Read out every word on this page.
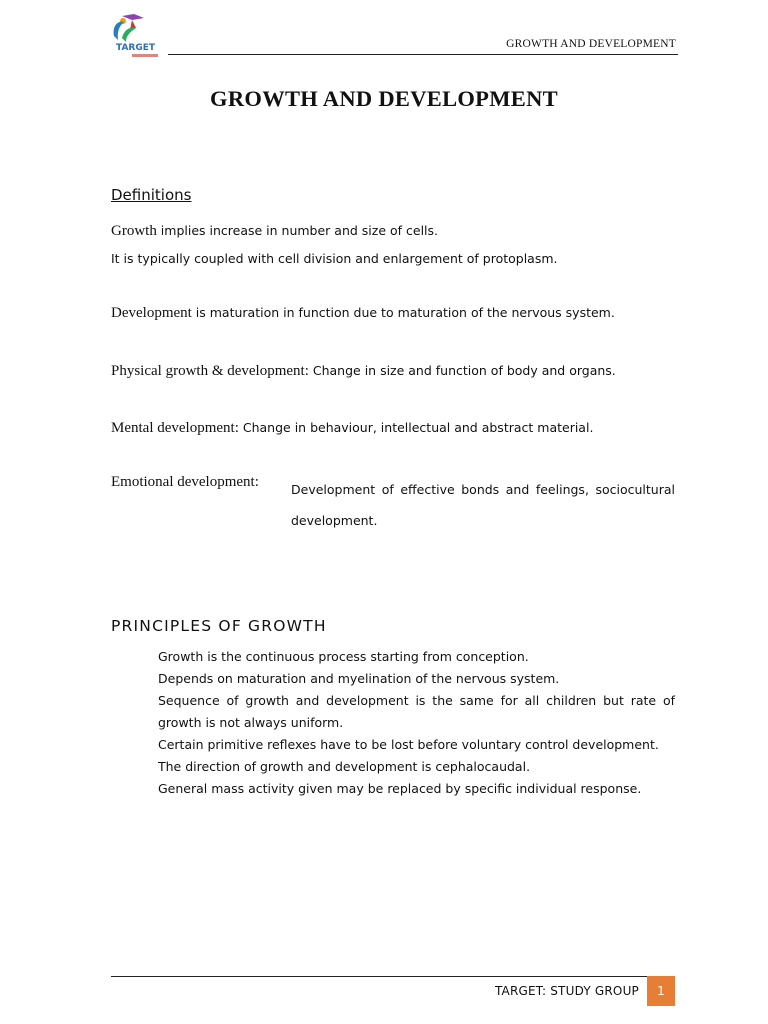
TARGET	GROWTH AND DEVELOPMENT
GROWTH AND DEVELOPMENT
Definitions
Growth implies increase in number and size of cells.
It is typically coupled with cell division and enlargement of protoplasm.
Development is maturation in function due to maturation of the nervous system.
Physical growth & development: Change in size and function of body and organs.
Mental development: Change in behaviour, intellectual and abstract material.
Emotional development:	Development of effective bonds and feelings, sociocultural development.
PRINCIPLES OF GROWTH
Growth is the continuous process starting from conception.
Depends on maturation and myelination of the nervous system.
Sequence of growth and development is the same for all children but rate of growth is not always uniform.
Certain primitive reflexes have to be lost before voluntary control development.
The direction of growth and development is cephalocaudal.
General mass activity given may be replaced by specific individual response.
TARGET: STUDY GROUP	1
